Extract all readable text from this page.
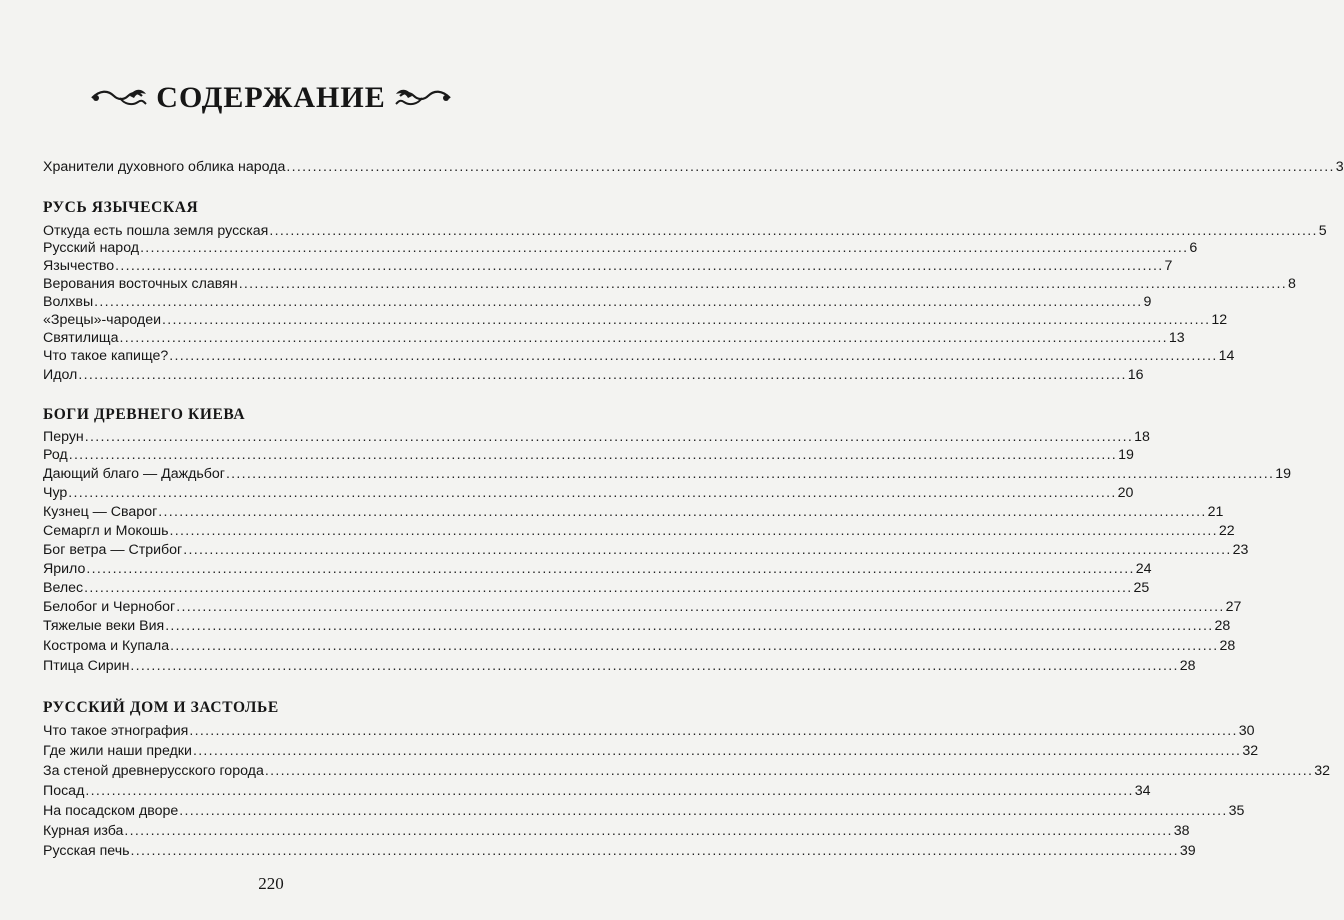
СОДЕРЖАНИЕ
Хранители духовного облика народа ........................................................................................................................................................................................................ 3
РУСЬ ЯЗЫЧЕСКАЯ
Откуда есть пошла земля русская ........................................................................................................................................................................................................ 5
Русский народ ........................................................................................................................................................................................................ 6
Язычество ........................................................................................................................................................................................................ 7
Верования восточных славян ........................................................................................................................................................................................................ 8
Волхвы ........................................................................................................................................................................................................ 9
«Зрецы»-чародеи ........................................................................................................................................................................................................ 12
Святилища ........................................................................................................................................................................................................ 13
Что такое капище? ........................................................................................................................................................................................................ 14
Идол ........................................................................................................................................................................................................ 16
БОГИ ДРЕВНЕГО КИЕВА
Перун ........................................................................................................................................................................................................ 18
Род ........................................................................................................................................................................................................ 19
Дающий благо — Даждьбог ........................................................................................................................................................................................................ 19
Чур ........................................................................................................................................................................................................ 20
Кузнец — Сварог ........................................................................................................................................................................................................ 21
Семаргл и Мокошь ........................................................................................................................................................................................................ 22
Бог ветра — Стрибог ........................................................................................................................................................................................................ 23
Ярило ........................................................................................................................................................................................................ 24
Велес ........................................................................................................................................................................................................ 25
Белобог и Чернобог ........................................................................................................................................................................................................ 27
Тяжелые веки Вия ........................................................................................................................................................................................................ 28
Кострома и Купала ........................................................................................................................................................................................................ 28
Птица Сирин ........................................................................................................................................................................................................ 28
РУССКИЙ ДОМ И ЗАСТОЛЬЕ
Что такое этнография ........................................................................................................................................................................................................ 30
Где жили наши предки ........................................................................................................................................................................................................ 32
За стеной древнерусского города ........................................................................................................................................................................................................ 32
Посад ........................................................................................................................................................................................................ 34
На посадском дворе ........................................................................................................................................................................................................ 35
Курная изба ........................................................................................................................................................................................................ 38
Русская печь ........................................................................................................................................................................................................ 39
220
